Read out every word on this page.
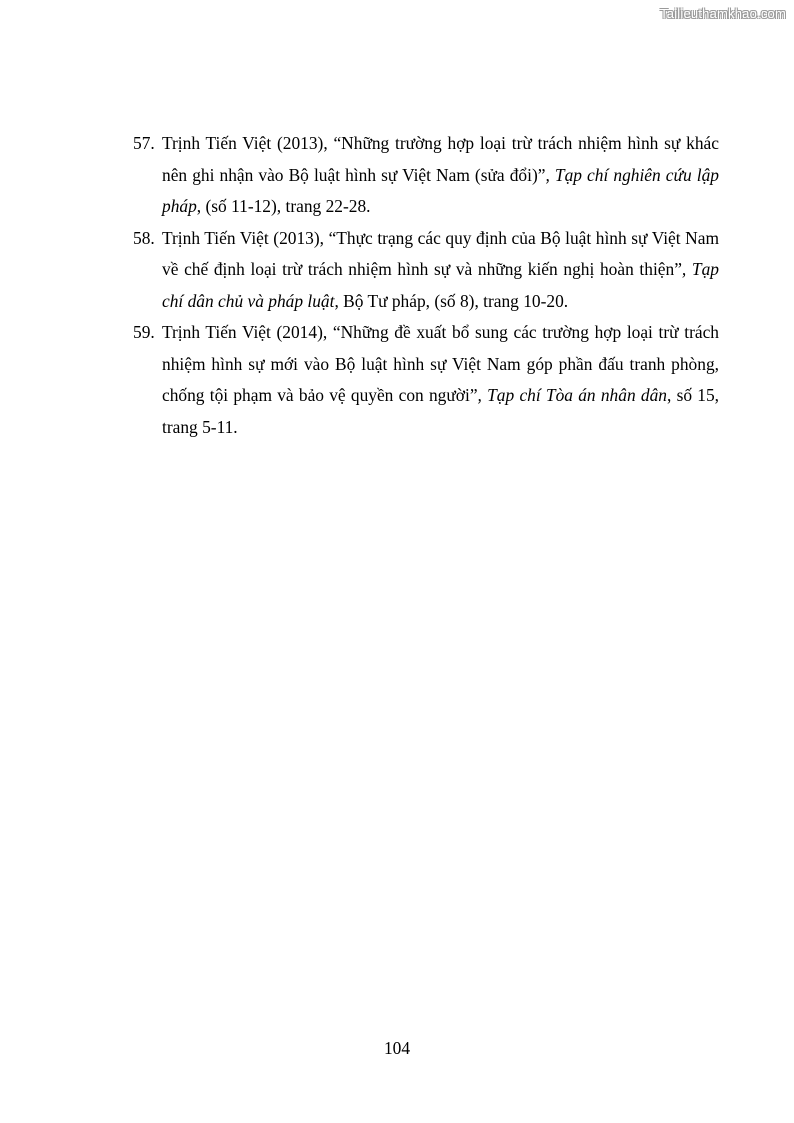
Tailieuthamkhao.com
57. Trịnh Tiến Việt (2013), “Những trường hợp loại trừ trách nhiệm hình sự khác nên ghi nhận vào Bộ luật hình sự Việt Nam (sửa đổi)”, Tạp chí nghiên cứu lập pháp, (số 11-12), trang 22-28.
58. Trịnh Tiến Việt (2013), “Thực trạng các quy định của Bộ luật hình sự Việt Nam về chế định loại trừ trách nhiệm hình sự và những kiến nghị hoàn thiện”, Tạp chí dân chủ và pháp luật, Bộ Tư pháp, (số 8), trang 10-20.
59. Trịnh Tiến Việt (2014), “Những đề xuất bổ sung các trường hợp loại trừ trách nhiệm hình sự mới vào Bộ luật hình sự Việt Nam góp phần đấu tranh phòng, chống tội phạm và bảo vệ quyền con người”, Tạp chí Tòa án nhân dân, số 15, trang 5-11.
104
